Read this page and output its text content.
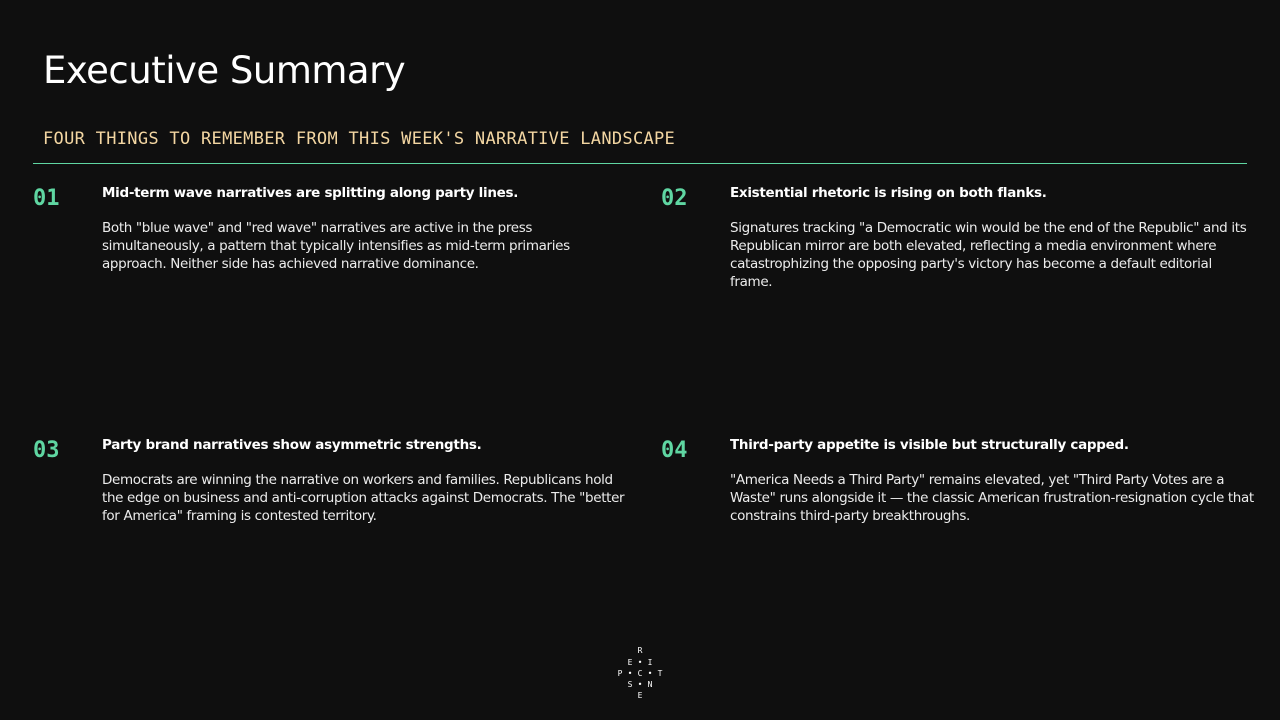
Executive Summary
FOUR THINGS TO REMEMBER FROM THIS WEEK'S NARRATIVE LANDSCAPE
01	Mid-term wave narratives are splitting along party lines.

Both "blue wave" and "red wave" narratives are active in the press simultaneously, a pattern that typically intensifies as mid-term primaries approach. Neither side has achieved narrative dominance.

02	Existential rhetoric is rising on both flanks.

Signatures tracking "a Democratic win would be the end of the Republic" and its Republican mirror are both elevated, reflecting a media environment where catastrophizing the opposing party's victory has become a default editorial frame.

03	Party brand narratives show asymmetric strengths.

Democrats are winning the narrative on workers and families. Republicans hold the edge on business and anti-corruption attacks against Democrats. The "better for America" framing is contested territory.

04	Third-party appetite is visible but structurally capped.

"America Needs a Third Party" remains elevated, yet "Third Party Votes are a Waste" runs alongside it — the classic American frustration-resignation cycle that constrains third-party breakthroughs.

R
E • I
P • C • T
S • N
E
